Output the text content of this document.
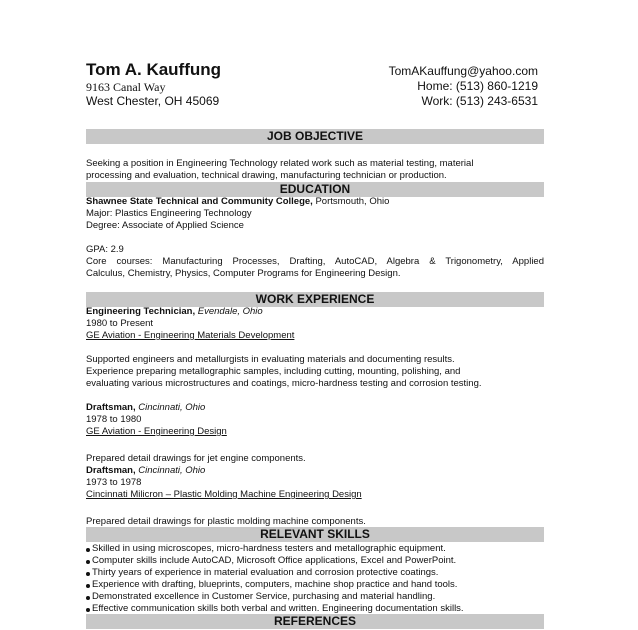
Tom A. Kauffung
9163 Canal Way
West Chester, OH 45069
TomAKauffung@yahoo.com
Home: (513) 860-1219
Work: (513) 243-6531
JOB OBJECTIVE
Seeking a position in Engineering Technology related work such as material testing, material
processing and evaluation, technical drawing, manufacturing technician or production.
EDUCATION
Shawnee State Technical and Community College, Portsmouth, Ohio
Major: Plastics Engineering Technology
Degree: Associate of Applied Science
GPA: 2.9
Core courses: Manufacturing Processes, Drafting, AutoCAD, Algebra & Trigonometry, Applied
Calculus, Chemistry, Physics, Computer Programs for Engineering Design.
WORK EXPERIENCE
Engineering Technician, Evendale, Ohio
1980 to Present
GE Aviation - Engineering Materials Development
Supported engineers and metallurgists in evaluating materials and documenting results.
Experience preparing metallographic samples, including cutting, mounting, polishing, and
evaluating various microstructures and coatings, micro-hardness testing and corrosion testing.
Draftsman, Cincinnati, Ohio
1978 to 1980
GE Aviation - Engineering Design
Prepared detail drawings for jet engine components.
Draftsman, Cincinnati, Ohio
1973 to 1978
Cincinnati Milicron – Plastic Molding Machine Engineering Design
Prepared detail drawings for plastic molding machine components.
RELEVANT SKILLS
Skilled in using microscopes, micro-hardness testers and metallographic equipment.
Computer skills include AutoCAD, Microsoft Office applications, Excel and PowerPoint.
Thirty years of experience in material evaluation and corrosion protective coatings.
Experience with drafting, blueprints, computers, machine shop practice and hand tools.
Demonstrated excellence in Customer Service, purchasing and material handling.
Effective communication skills both verbal and written. Engineering documentation skills.
REFERENCES
